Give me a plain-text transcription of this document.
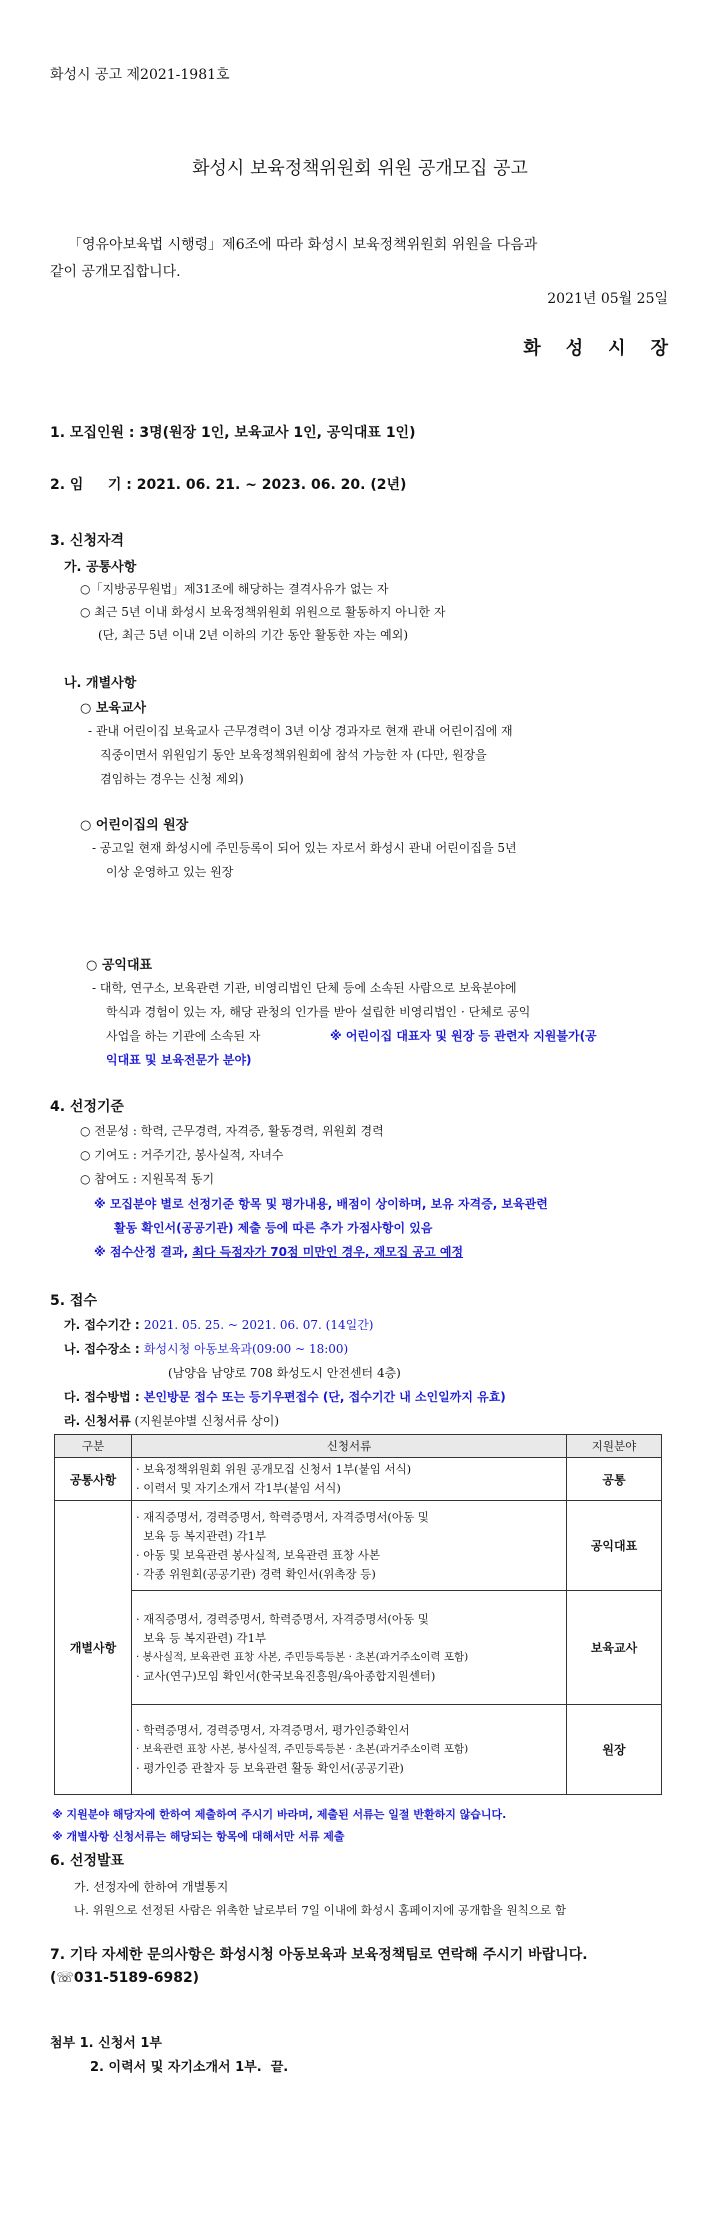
화성시 공고 제2021-1981호
화성시 보육정책위원회 위원 공개모집 공고
「영유아보육법 시행령」제6조에 따라 화성시 보육정책위원회 위원을 다음과
같이 공개모집합니다.
2021년 05월 25일
화    성    시    장
1. 모집인원 : 3명(원장 1인, 보육교사 1인, 공익대표 1인)
2. 임     기 : 2021. 06. 21. ~ 2023. 06. 20. (2년)
3. 신청자격
가. 공통사항
○「지방공무원법」제31조에 해당하는 결격사유가 없는 자
○ 최근 5년 이내 화성시 보육정책위원회 위원으로 활동하지 아니한 자
(단, 최근 5년 이내 2년 이하의 기간 동안 활동한 자는 예외)
나. 개별사항
○ 보육교사
- 관내 어린이집 보육교사 근무경력이 3년 이상 경과자로 현재 관내 어린이집에 재
직중이면서 위원임기 동안 보육정책위원회에 참석 가능한 자 (다만, 원장을
겸임하는 경우는 신청 제외)
○ 어린이집의 원장
- 공고일 현재 화성시에 주민등록이 되어 있는 자로서 화성시 관내 어린이집을 5년
이상 운영하고 있는 원장
○ 공익대표
- 대학, 연구소, 보육관련 기관, 비영리법인 단체 등에 소속된 사람으로 보육분야에
학식과 경험이 있는 자, 해당 관청의 인가를 받아 설립한 비영리법인 · 단체로 공익
사업을 하는 기관에 소속된 자	※ 어린이집 대표자 및 원장 등 관련자 지원불가(공
익대표 및 보육전문가 분야)
4. 선정기준
○ 전문성 : 학력, 근무경력, 자격증, 활동경력, 위원회 경력
○ 기여도 : 거주기간, 봉사실적, 자녀수
○ 참여도 : 지원목적 동기
※ 모집분야 별로 선정기준 항목 및 평가내용, 배점이 상이하며, 보유 자격증, 보육관련
활동 확인서(공공기관) 제출 등에 따른 추가 가점사항이 있음
※ 점수산정 결과, 최다 득점자가 70점 미만인 경우, 재모집 공고 예정
5. 접수
가. 접수기간 : 2021. 05. 25. ~ 2021. 06. 07. (14일간)
나. 접수장소 : 화성시청 아동보육과(09:00 ~ 18:00)
(남양읍 남양로 708 화성도시 안전센터 4층)
다. 접수방법 : 본인방문 접수 또는 등기우편접수 (단, 접수기간 내 소인일까지 유효)
라. 신청서류 (지원분야별 신청서류 상이)
구분	신청서류	지원분야
공통사항	· 보육정책위원회 위원 공개모집 신청서 1부(붙임 서식)
· 이력서 및 자기소개서 각1부(붙임 서식)	공통
개별사항	· 재직증명서, 경력증명서, 학력증명서, 자격증명서(아동 및
보육 등 복지관련) 각1부
· 아동 및 보육관련 봉사실적, 보육관련 표창 사본
· 각종 위원회(공공기관) 경력 확인서(위촉장 등)	공익대표

	· 재직증명서, 경력증명서, 학력증명서, 자격증명서(아동 및
보육 등 복지관련) 각1부
· 봉사실적, 보육관련 표창 사본, 주민등록등본 · 초본(과거주소이력 포함)
· 교사(연구)모임 확인서(한국보육진흥원/육아종합지원센터)	보육교사

	· 학력증명서, 경력증명서, 자격증명서, 평가인증확인서
· 보육관련 표창 사본, 봉사실적, 주민등록등본 · 초본(과거주소이력 포함)
· 평가인증 관찰자 등 보육관련 활동 확인서(공공기관)	원장
※ 지원분야 해당자에 한하여 제출하여 주시기 바라며, 제출된 서류는 일절 반환하지 않습니다.
※ 개별사항 신청서류는 해당되는 항목에 대해서만 서류 제출
6. 선정발표
가. 선정자에 한하여 개별통지
나. 위원으로 선정된 사람은 위촉한 날로부터 7일 이내에 화성시 홈페이지에 공개함을 원칙으로 함
7. 기타 자세한 문의사항은 화성시청 아동보육과 보육정책팀로 연락해 주시기 바랍니다.
(☏031-5189-6982)
첨부 1. 신청서 1부
2. 이력서 및 자기소개서 1부.  끝.
